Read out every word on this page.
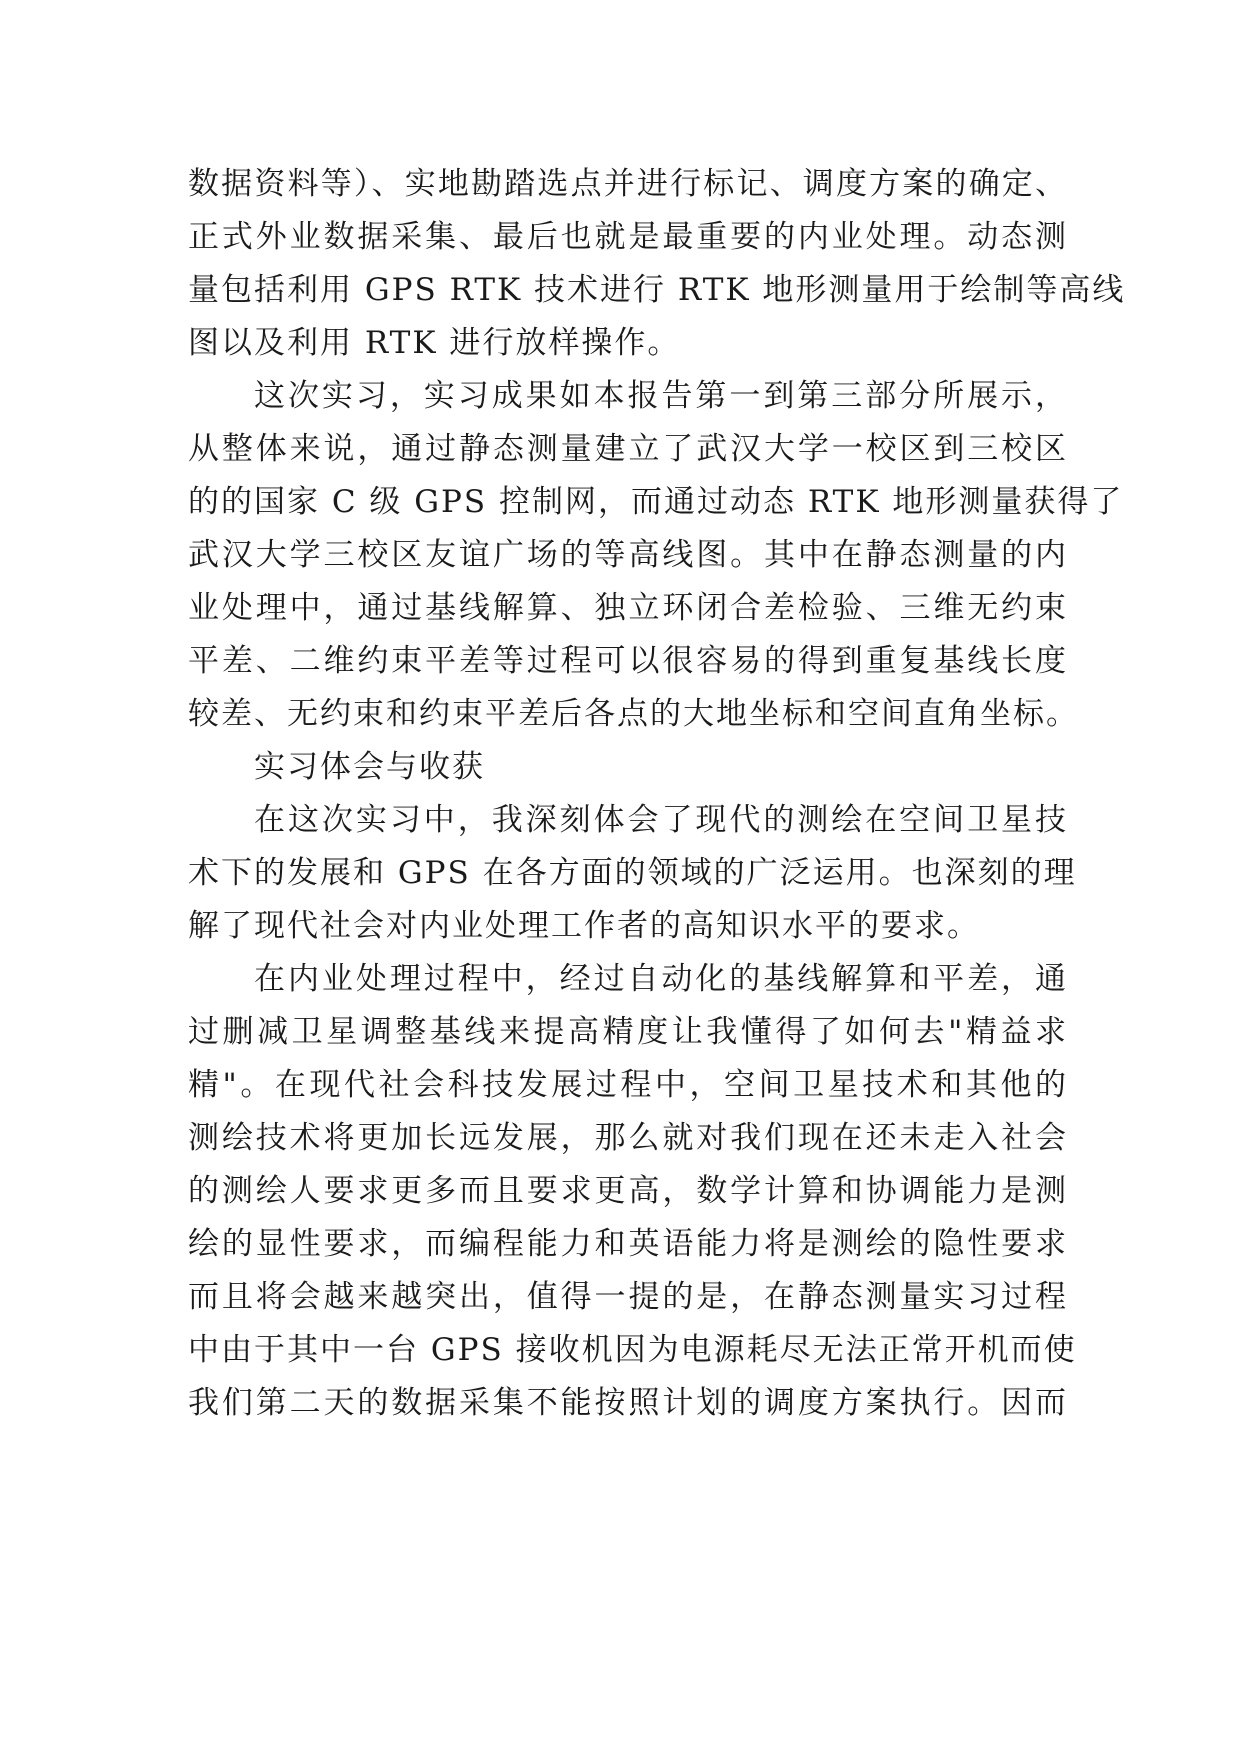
数据资料等）、实地勘踏选点并进行标记、调度方案的确定、
正式外业数据采集、最后也就是最重要的内业处理。动态测
量包括利用 GPS RTK 技术进行 RTK 地形测量用于绘制等高线
图以及利用 RTK 进行放样操作。
这次实习，实习成果如本报告第一到第三部分所展示，
从整体来说，通过静态测量建立了武汉大学一校区到三校区
的的国家 C 级 GPS 控制网，而通过动态 RTK 地形测量获得了
武汉大学三校区友谊广场的等高线图。其中在静态测量的内
业处理中，通过基线解算、独立环闭合差检验、三维无约束
平差、二维约束平差等过程可以很容易的得到重复基线长度
较差、无约束和约束平差后各点的大地坐标和空间直角坐标。
实习体会与收获
在这次实习中，我深刻体会了现代的测绘在空间卫星技
术下的发展和 GPS 在各方面的领域的广泛运用。也深刻的理
解了现代社会对内业处理工作者的高知识水平的要求。
在内业处理过程中，经过自动化的基线解算和平差，通
过删减卫星调整基线来提高精度让我懂得了如何去"精益求
精"。在现代社会科技发展过程中，空间卫星技术和其他的
测绘技术将更加长远发展，那么就对我们现在还未走入社会
的测绘人要求更多而且要求更高，数学计算和协调能力是测
绘的显性要求，而编程能力和英语能力将是测绘的隐性要求
而且将会越来越突出，值得一提的是，在静态测量实习过程
中由于其中一台 GPS 接收机因为电源耗尽无法正常开机而使
我们第二天的数据采集不能按照计划的调度方案执行。因而
